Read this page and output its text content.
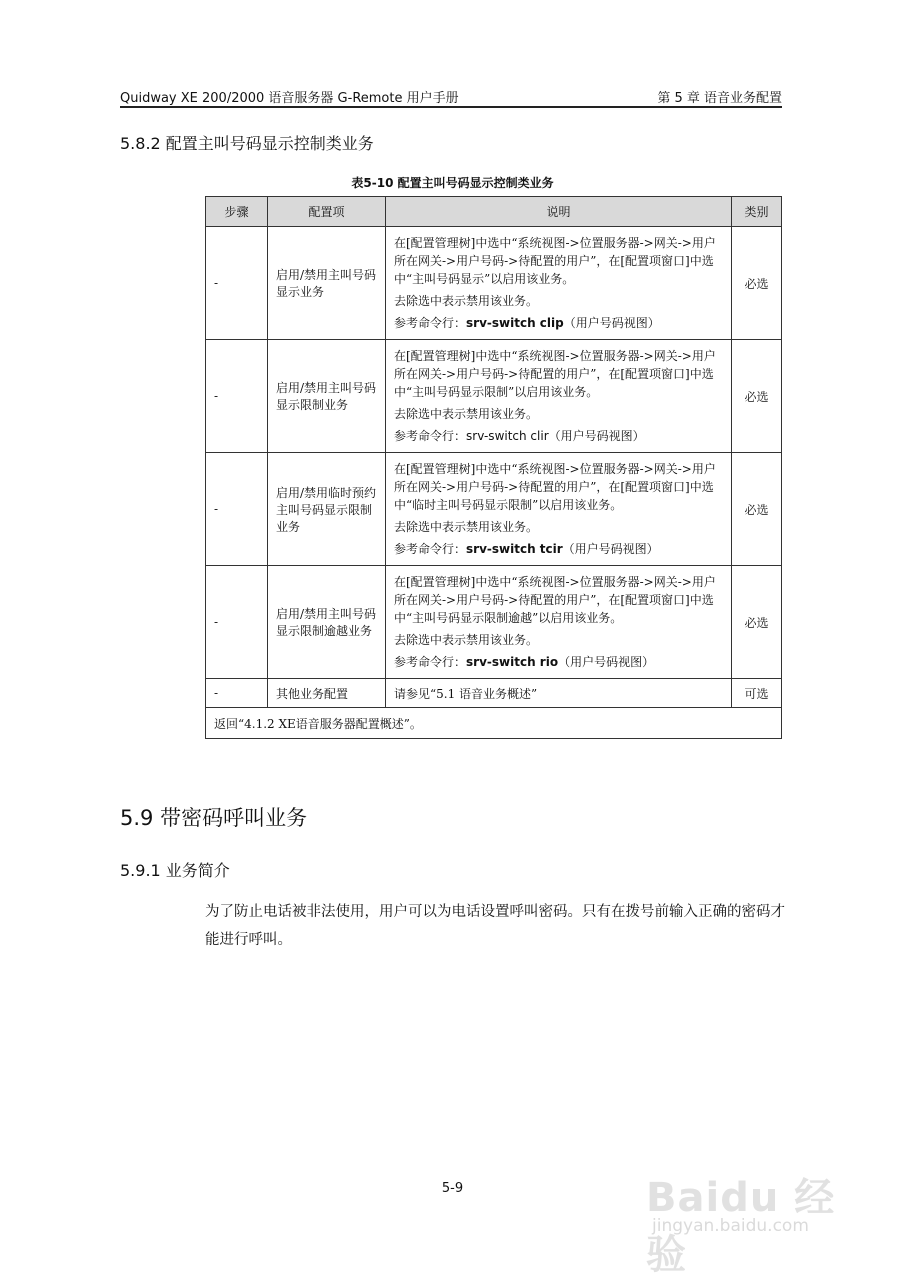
Quidway XE 200/2000 语音服务器 G-Remote 用户手册	第 5 章 语音业务配置
5.8.2 配置主叫号码显示控制类业务
表5-10 配置主叫号码显示控制类业务
步骤	配置项	说明	类别
-	启用/禁用主叫号码显示业务	在[配置管理树]中选中“系统视图->位置服务器->网关->用户所在网关->用户号码->待配置的用户”，在[配置项窗口]中选中“主叫号码显示”以启用该业务。

去除选中表示禁用该业务。

参考命令行：srv-switch clip（用户号码视图）	必选
-	启用/禁用主叫号码显示限制业务	在[配置管理树]中选中“系统视图->位置服务器->网关->用户所在网关->用户号码->待配置的用户”，在[配置项窗口]中选中“主叫号码显示限制”以启用该业务。

去除选中表示禁用该业务。

参考命令行：srv-switch clir（用户号码视图）	必选
-	启用/禁用临时预约主叫号码显示限制业务	在[配置管理树]中选中“系统视图->位置服务器->网关->用户所在网关->用户号码->待配置的用户”，在[配置项窗口]中选中“临时主叫号码显示限制”以启用该业务。

去除选中表示禁用该业务。

参考命令行：srv-switch tcir（用户号码视图）	必选
-	启用/禁用主叫号码显示限制逾越业务	在[配置管理树]中选中“系统视图->位置服务器->网关->用户所在网关->用户号码->待配置的用户”，在[配置项窗口]中选中“主叫号码显示限制逾越”以启用该业务。

去除选中表示禁用该业务。

参考命令行：srv-switch rio（用户号码视图）	必选
-	其他业务配置	请参见“5.1 语音业务概述”	可选
返回“4.1.2 XE语音服务器配置概述”。			
5.9 带密码呼叫业务
5.9.1 业务简介

为了防止电话被非法使用，用户可以为电话设置呼叫密码。只有在拨号前输入正确的密码才能进行呼叫。

5-9	Baidu 经验
jingyan.baidu.com
